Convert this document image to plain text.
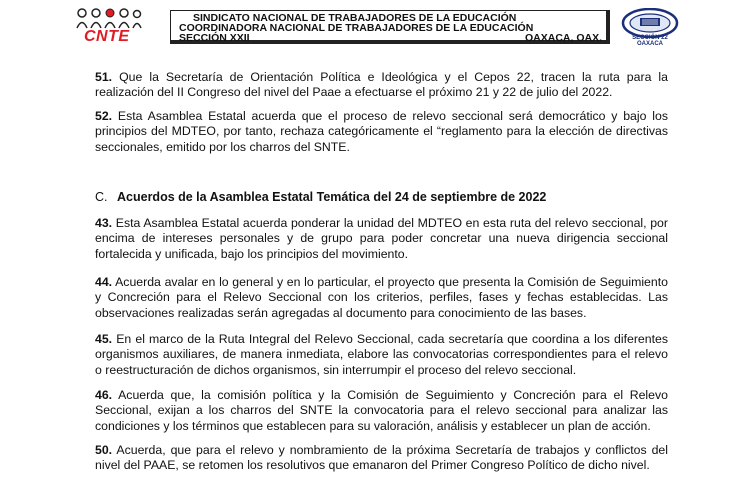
CNTE
SINDICATO NACIONAL DE TRABAJADORES DE LA EDUCACIÓN
COORDINADORA NACIONAL DE TRABAJADORES DE LA EDUCACIÓN
SECCIÓN XXII	OAXACA, OAX.	SECCIÓN 22 OAXACA

51. Que la Secretaría de Orientación Política e Ideológica y el Cepos 22, tracen la ruta para la realización del II Congreso del nivel del Paae a efectuarse el próximo 21 y 22 de julio del 2022.

52. Esta Asamblea Estatal acuerda que el proceso de relevo seccional será democrático y bajo los principios del MDTEO, por tanto, rechaza categóricamente el “reglamento para la elección de directivas seccionales, emitido por los charros del SNTE.

C. Acuerdos de la Asamblea Estatal Temática del 24 de septiembre de 2022

43. Esta Asamblea Estatal acuerda ponderar la unidad del MDTEO en esta ruta del relevo seccional, por encima de intereses personales y de grupo para poder concretar una nueva dirigencia seccional fortalecida y unificada, bajo los principios del movimiento.

44. Acuerda avalar en lo general y en lo particular, el proyecto que presenta la Comisión de Seguimiento y Concreción para el Relevo Seccional con los criterios, perfiles, fases y fechas establecidas. Las observaciones realizadas serán agregadas al documento para conocimiento de las bases.

45. En el marco de la Ruta Integral del Relevo Seccional, cada secretaría que coordina a los diferentes organismos auxiliares, de manera inmediata, elabore las convocatorias correspondientes para el relevo o reestructuración de dichos organismos, sin interrumpir el proceso del relevo seccional.

46. Acuerda que, la comisión política y la Comisión de Seguimiento y Concreción para el Relevo Seccional, exijan a los charros del SNTE la convocatoria para el relevo seccional para analizar las condiciones y los términos que establecen para su valoración, análisis y establecer un plan de acción.

50. Acuerda, que para el relevo y nombramiento de la próxima Secretaría de trabajos y conflictos del nivel del PAAE, se retomen los resolutivos que emanaron del Primer Congreso Político de dicho nivel.
